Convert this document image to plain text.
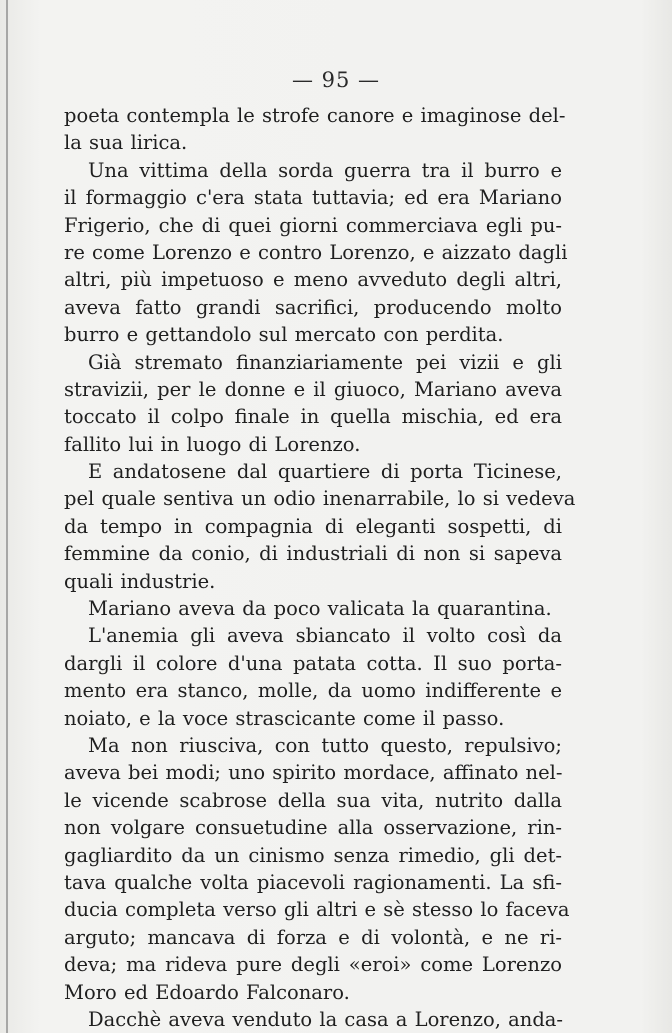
— 95 —
poeta contempla le strofe canore e imaginose del-
la sua lirica.
Una vittima della sorda guerra tra il burro e
il formaggio c'era stata tuttavia; ed era Mariano
Frigerio, che di quei giorni commerciava egli pu-
re come Lorenzo e contro Lorenzo, e aizzato dagli
altri, più impetuoso e meno avveduto degli altri,
aveva fatto grandi sacrifici, producendo molto
burro e gettandolo sul mercato con perdita.
Già stremato finanziariamente pei vizii e gli
stravizii, per le donne e il giuoco, Mariano aveva
toccato il colpo finale in quella mischia, ed era
fallito lui in luogo di Lorenzo.
E andatosene dal quartiere di porta Ticinese,
pel quale sentiva un odio inenarrabile, lo si vedeva
da tempo in compagnia di eleganti sospetti, di
femmine da conio, di industriali di non si sapeva
quali industrie.
Mariano aveva da poco valicata la quarantina.
L'anemia gli aveva sbiancato il volto così da
dargli il colore d'una patata cotta. Il suo porta-
mento era stanco, molle, da uomo indifferente e
noiato, e la voce strascicante come il passo.
Ma non riusciva, con tutto questo, repulsivo;
aveva bei modi; uno spirito mordace, affinato nel-
le vicende scabrose della sua vita, nutrito dalla
non volgare consuetudine alla osservazione, rin-
gagliardito da un cinismo senza rimedio, gli det-
tava qualche volta piacevoli ragionamenti. La sfi-
ducia completa verso gli altri e sè stesso lo faceva
arguto; mancava di forza e di volontà, e ne ri-
deva; ma rideva pure degli «eroi» come Lorenzo
Moro ed Edoardo Falconaro.
Dacchè aveva venduto la casa a Lorenzo, anda-
